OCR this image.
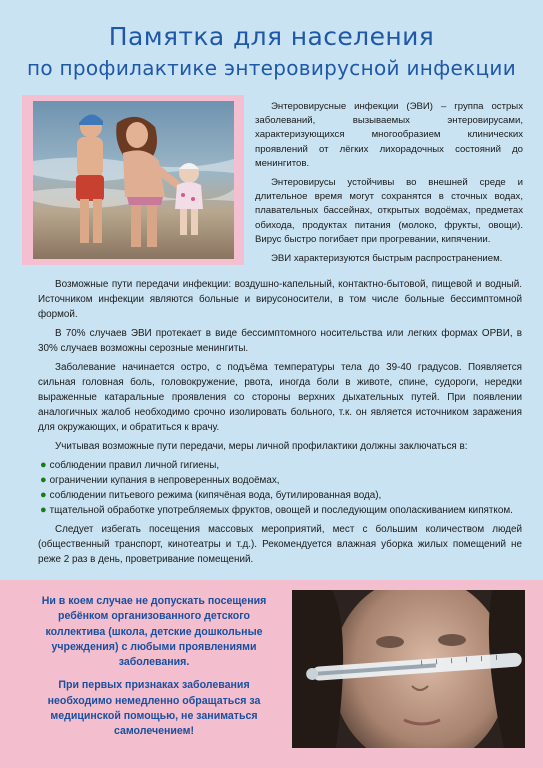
Памятка для населения
по профилактике энтеровирусной инфекции

Энтеровирусные инфекции (ЭВИ) – группа острых заболеваний, вызываемых энтеровирусами, характеризующихся многообразием клинических проявлений от лёгких лихорадочных состояний до менингитов.

Энтеровирусы устойчивы во внешней среде и длительное время могут сохранятся в сточных водах, плавательных бассейнах, открытых водоёмах, предметах обихода, продуктах питания (молоко, фрукты, овощи). Вирус быстро погибает при прогревании, кипячении.

ЭВИ характеризуются быстрым распространением.

Возможные пути передачи инфекции: воздушно-капельный, контактно-бытовой, пищевой и водный. Источником инфекции являются больные и вирусоносители, в том числе больные бессимптомной формой.

В 70% случаев ЭВИ протекает в виде бессимптомного носительства или легких формах ОРВИ, в 30% случаев возможны серозные менингиты.

Заболевание начинается остро, с подъёма температуры тела до 39-40 градусов. Появляется сильная головная боль, головокружение, рвота, иногда боли в животе, спине, судороги, нередки выраженные катаральные проявления со стороны верхних дыхательных путей. При появлении аналогичных жалоб необходимо срочно изолировать больного, т.к. он является источником заражения для окружающих, и обратиться к врачу.

Учитывая возможные пути передачи, меры личной профилактики должны заключаться в:

● соблюдении правил личной гигиены,

● ограничении купания в непроверенных водоёмах,

● соблюдении питьевого режима (кипячёная вода, бутилированная вода),

● тщательной обработке употребляемых фруктов, овощей и последующим ополаскиванием кипятком.

Следует избегать посещения массовых мероприятий, мест с большим количеством людей (общественный транспорт, кинотеатры и т.д.). Рекомендуется влажная уборка жилых помещений не реже 2 раз в день, проветривание помещений.

Ни в коем случае не допускать посещения ребёнком организованного детского коллектива (школа, детские дошкольные учреждения) с любыми проявлениями заболевания.

При первых признаках заболевания необходимо немедленно обращаться за медицинской помощью, не заниматься самолечением!
